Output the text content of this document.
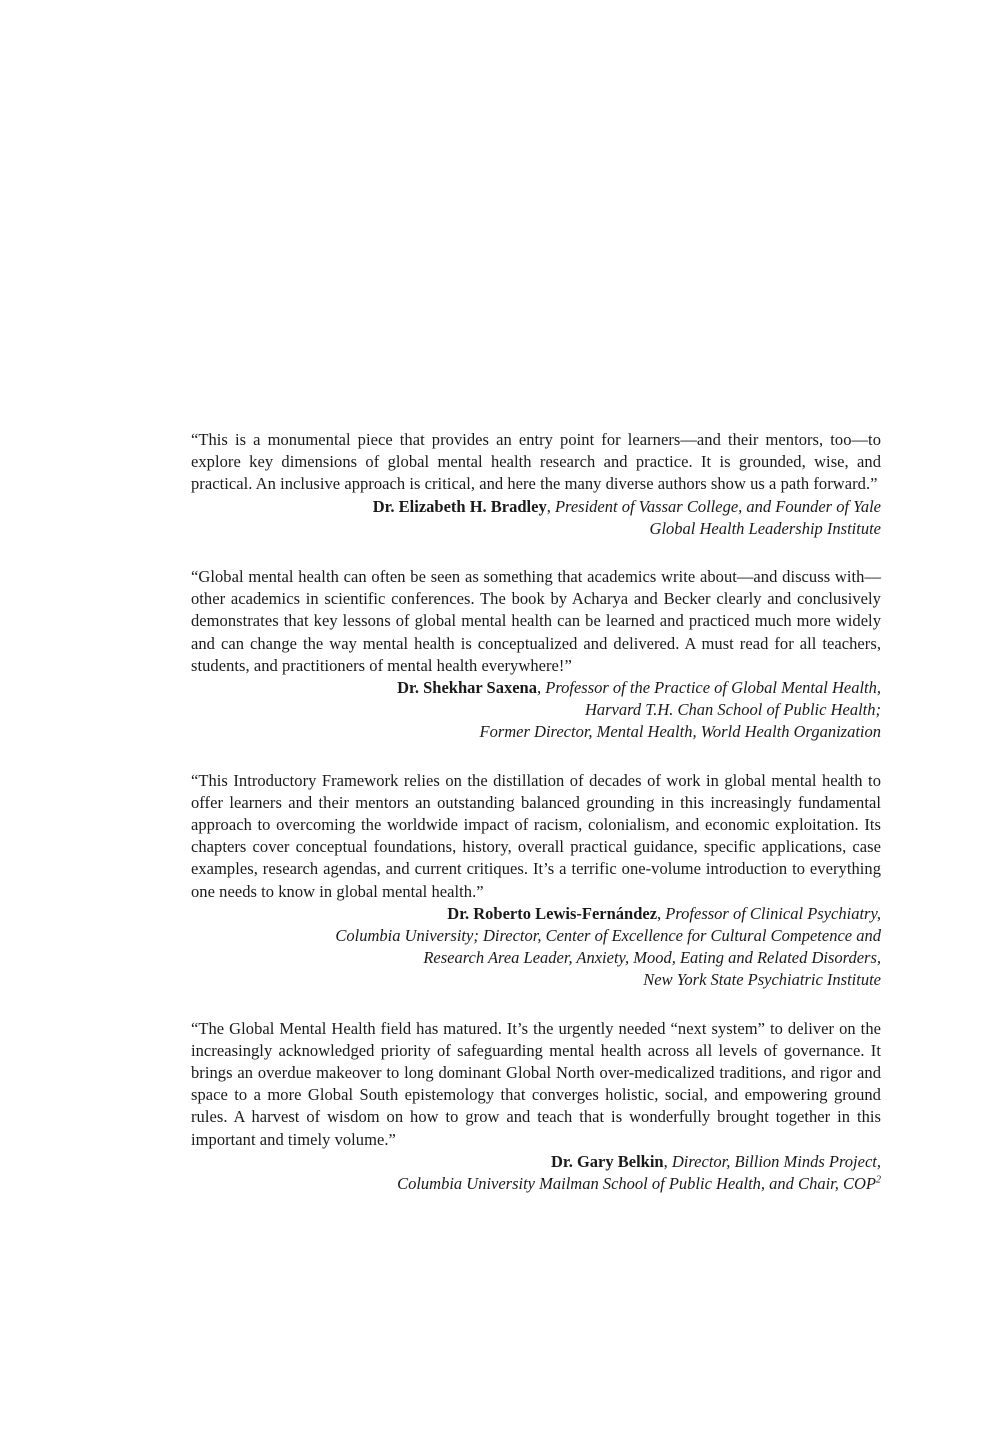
“This is a monumental piece that provides an entry point for learners—and their mentors, too—to explore key dimensions of global mental health research and practice. It is grounded, wise, and practical. An inclusive approach is critical, and here the many diverse authors show us a path forward.”

Dr. Elizabeth H. Bradley, President of Vassar College, and Founder of Yale
Global Health Leadership Institute

“Global mental health can often be seen as something that academics write about—and discuss with—other academics in scientific conferences. The book by Acharya and Becker clearly and conclusively demonstrates that key lessons of global mental health can be learned and practiced much more widely and can change the way mental health is conceptualized and delivered. A must read for all teachers, students, and practitioners of mental health everywhere!”

Dr. Shekhar Saxena, Professor of the Practice of Global Mental Health,
Harvard T.H. Chan School of Public Health;
Former Director, Mental Health, World Health Organization

“This Introductory Framework relies on the distillation of decades of work in global mental health to offer learners and their mentors an outstanding balanced grounding in this increasingly fundamental approach to overcoming the worldwide impact of racism, colonialism, and economic exploitation. Its chapters cover conceptual foundations, history, overall practical guidance, specific applications, case examples, research agendas, and current critiques. It’s a terrific one-volume introduction to everything one needs to know in global mental health.”

Dr. Roberto Lewis-Fernández, Professor of Clinical Psychiatry,
Columbia University; Director, Center of Excellence for Cultural Competence and
Research Area Leader, Anxiety, Mood, Eating and Related Disorders,
New York State Psychiatric Institute

“The Global Mental Health field has matured. It’s the urgently needed “next system” to deliver on the increasingly acknowledged priority of safeguarding mental health across all levels of governance. It brings an overdue makeover to long dominant Global North over-medicalized traditions, and rigor and space to a more Global South epistemology that converges holistic, social, and empowering ground rules. A harvest of wisdom on how to grow and teach that is wonderfully brought together in this important and timely volume.”

Dr. Gary Belkin, Director, Billion Minds Project,
Columbia University Mailman School of Public Health, and Chair, COP$^2$
